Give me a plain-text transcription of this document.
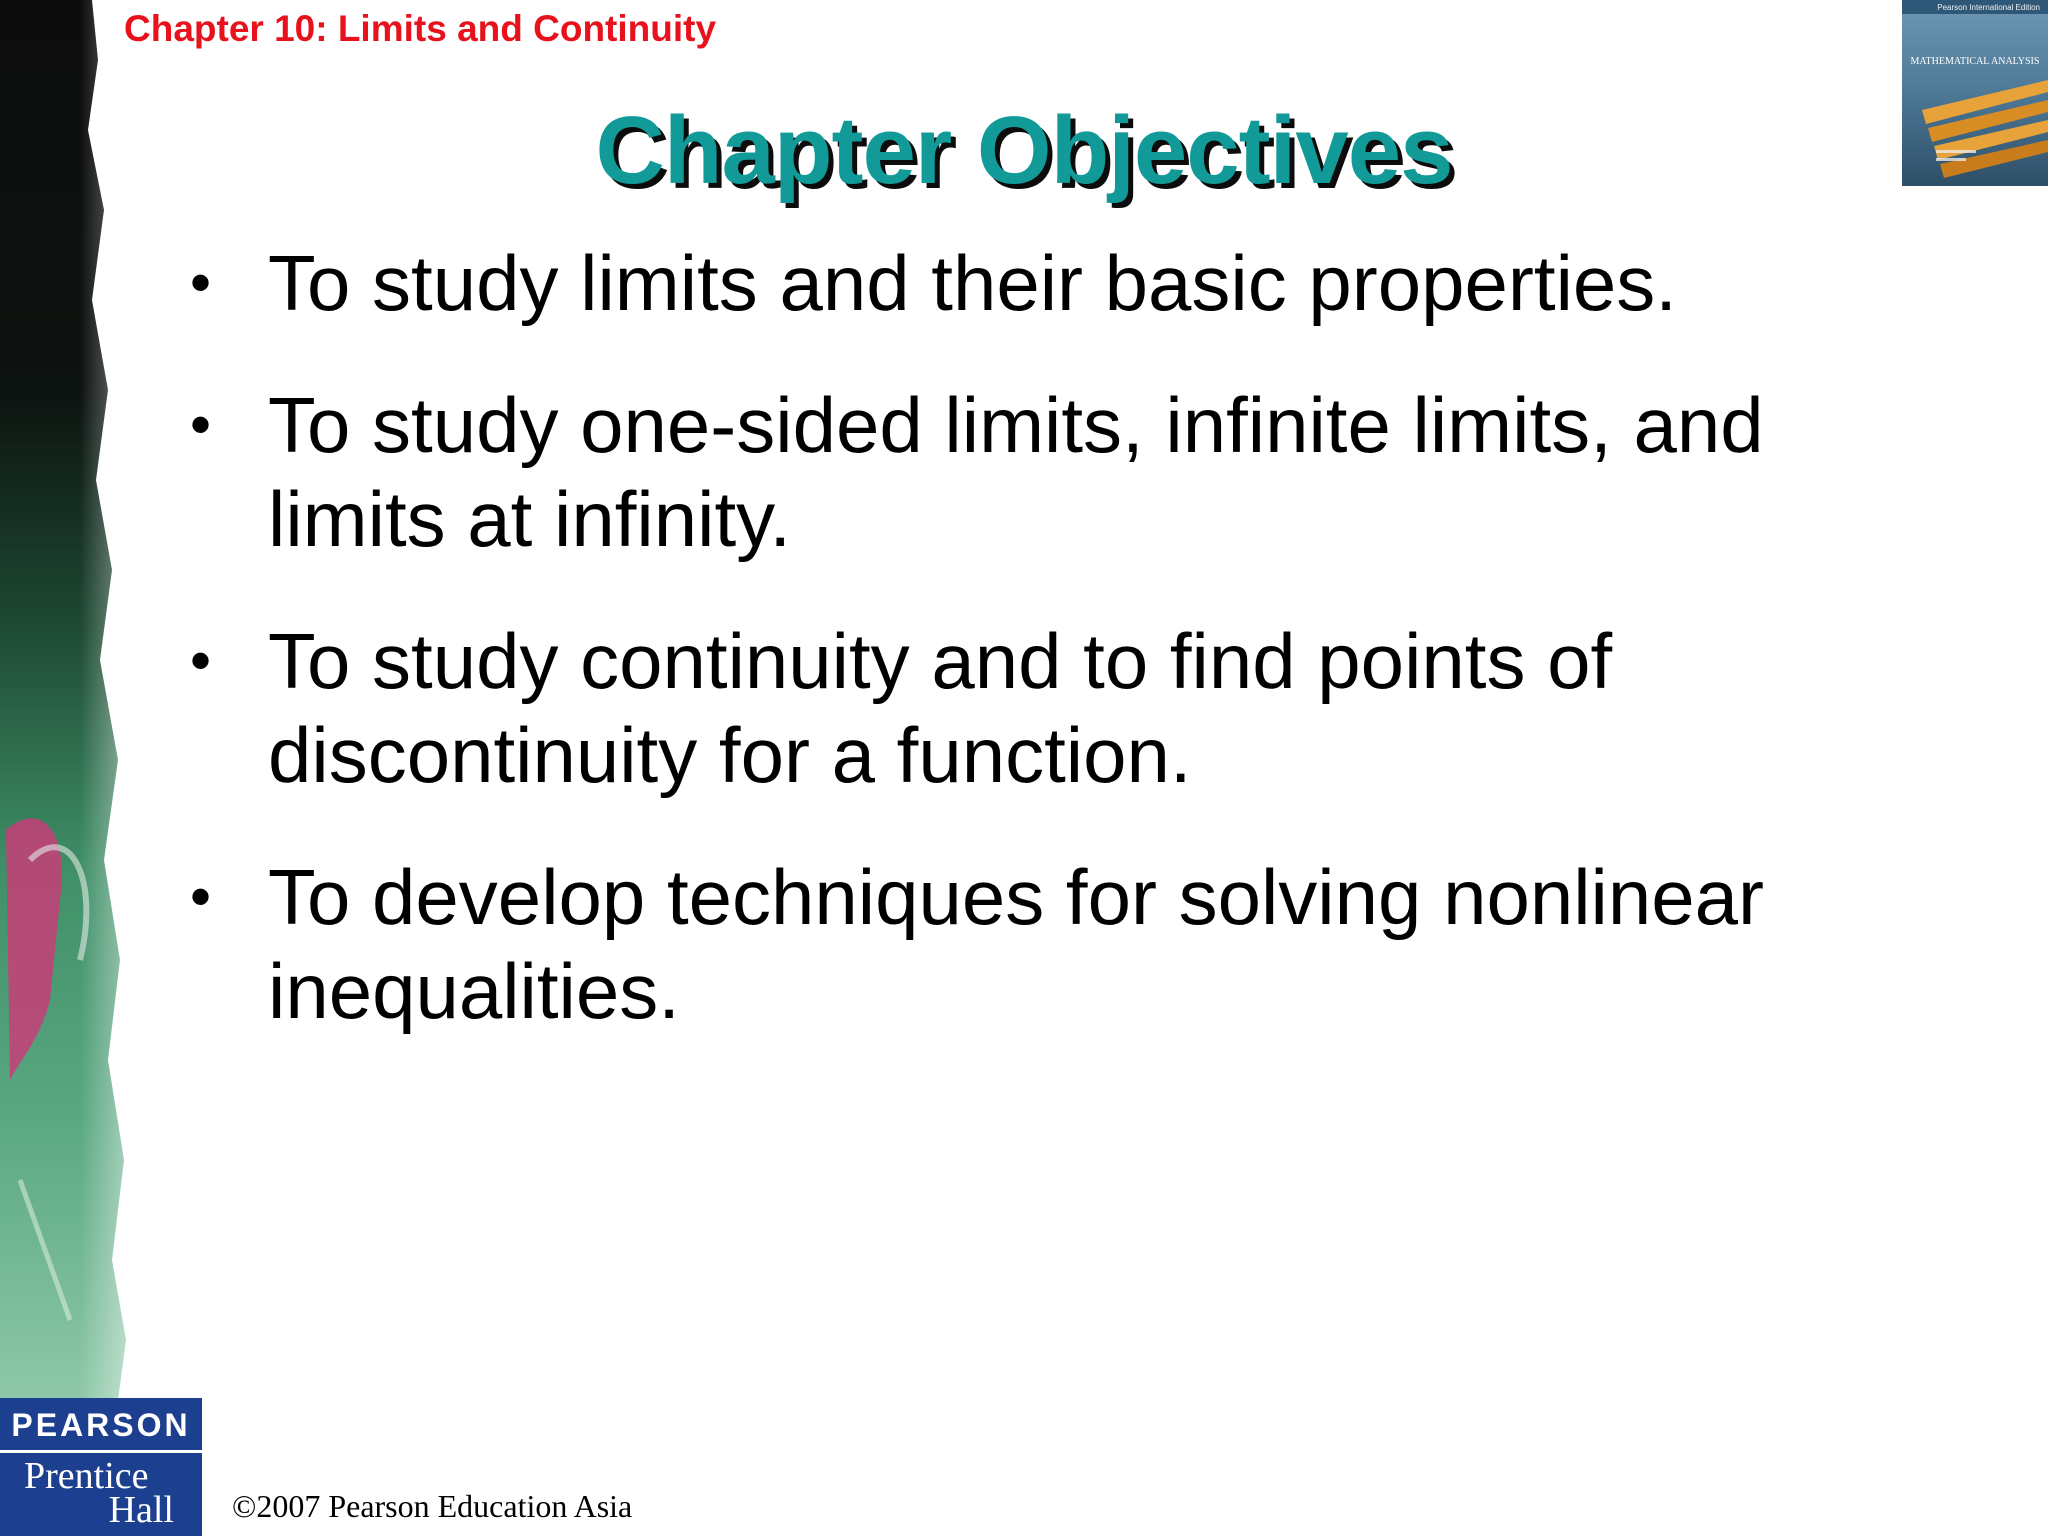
Chapter 10: Limits and Continuity
Chapter Objectives
Pearson International Edition
MATHEMATICAL ANALYSIS
• To study limits and their basic properties.
• To study one-sided limits, infinite limits, and limits at infinity.
• To study continuity and to find points of discontinuity for a function.
• To develop techniques for solving nonlinear inequalities.
PEARSON
Prentice
Hall ©2007 Pearson Education Asia
